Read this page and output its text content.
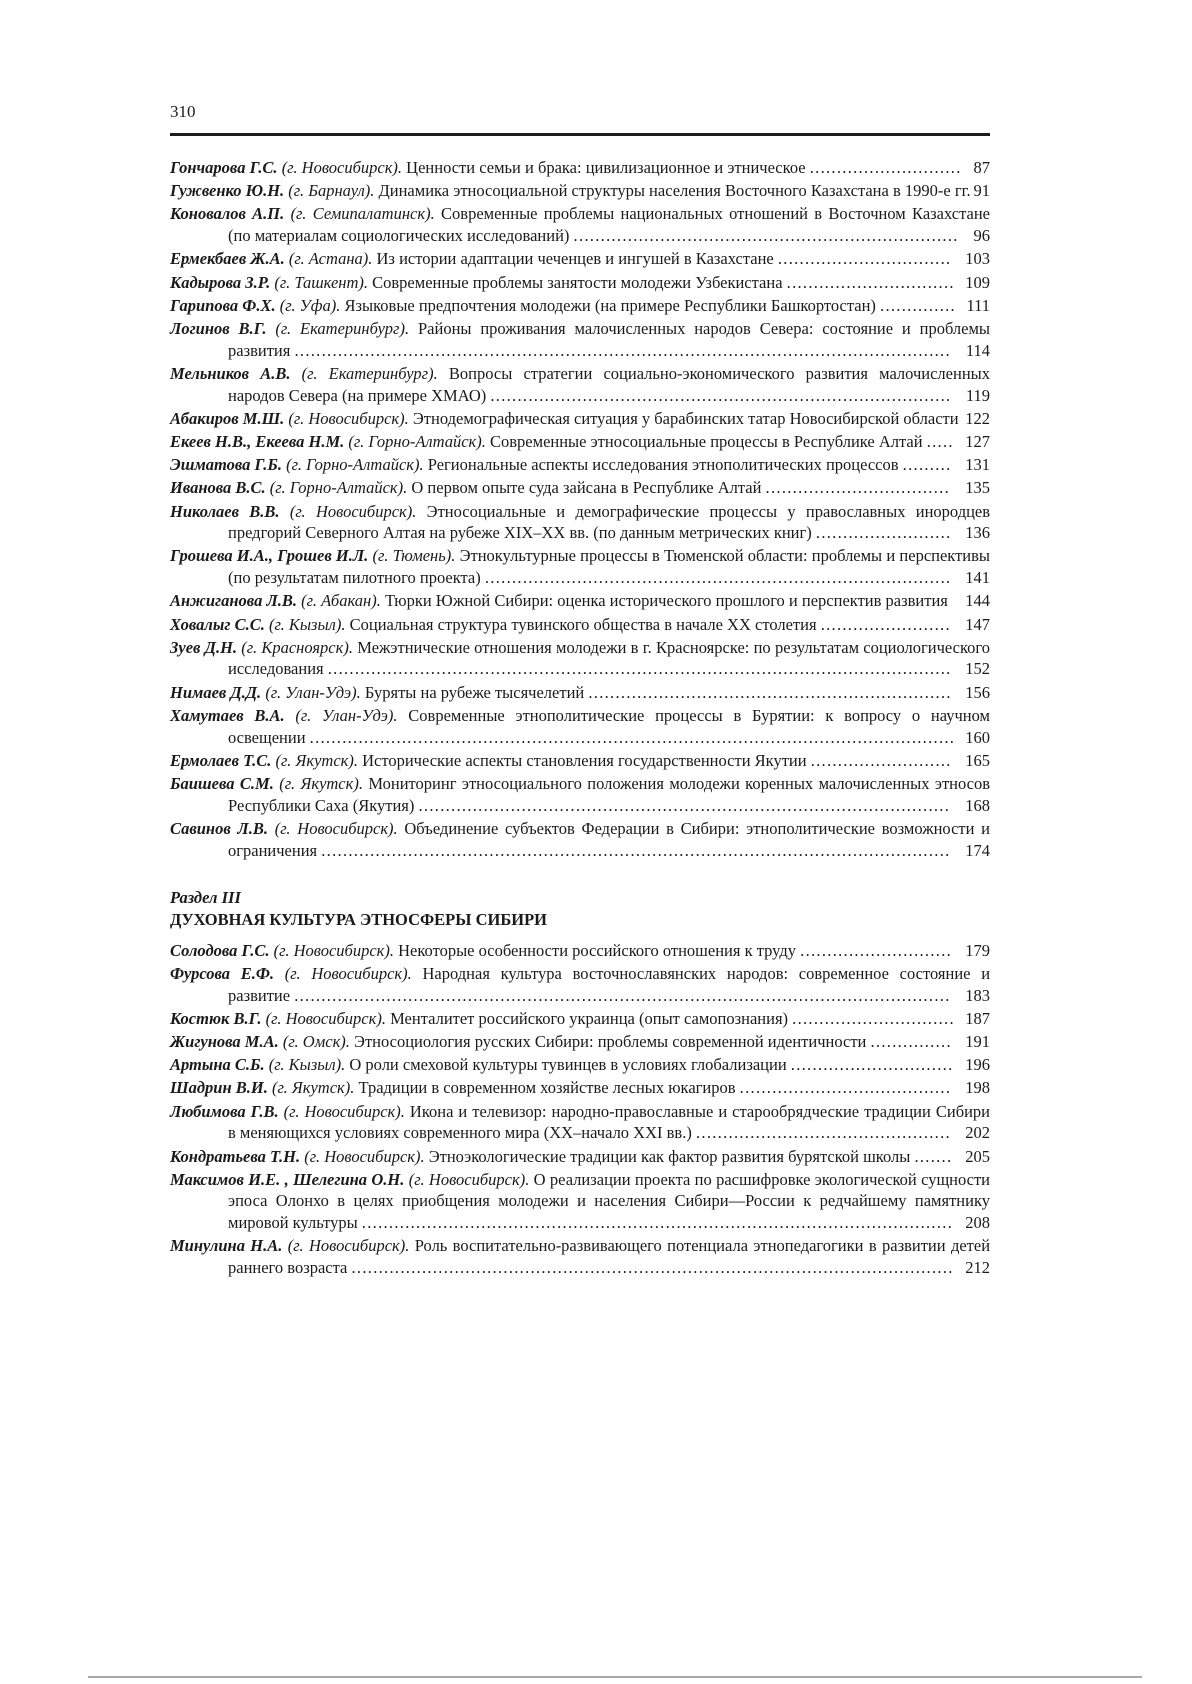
310

Гончарова Г.С. (г. Новосибирск). Ценности семьи и брака: цивилизационное и этническое ............................ 87

Гужвенко Ю.Н. (г. Барнаул). Динамика этносоциальной структуры населения Восточного Казахстана в 1990-е гг. 91

Коновалов А.П. (г. Семипалатинск). Современные проблемы национальных отношений в Восточном Казахстане (по материалам социологических исследований) ....................................................................... 96

Ермекбаев Ж.А. (г. Астана). Из истории адаптации чеченцев и ингушей в Казахстане ................................ 103

Кадырова З.Р. (г. Ташкент). Современные проблемы занятости молодежи Узбекистана ............................... 109

Гарипова Ф.Х. (г. Уфа). Языковые предпочтения молодежи (на примере Республики Башкортостан) .............. 111

Логинов В.Г. (г. Екатеринбург). Районы проживания малочисленных народов Севера: состояние и проблемы развития ......................................................................................................................... 114

Мельников А.В. (г. Екатеринбург). Вопросы стратегии социально-экономического развития малочисленных народов Севера (на примере ХМАО) ..................................................................................... 119

Абакиров М.Ш. (г. Новосибирск). Этнодемографическая ситуация у барабинских татар Новосибирской области 122

Екеев Н.В., Екеева Н.М. (г. Горно-Алтайск). Современные этносоциальные процессы в Республике Алтай ..... 127

Эшматова Г.Б. (г. Горно-Алтайск). Региональные аспекты исследования этнополитических процессов ......... 131

Иванова В.С. (г. Горно-Алтайск). О первом опыте суда зайсана в Республике Алтай .................................. 135

Николаев В.В. (г. Новосибирск). Этносоциальные и демографические процессы у православных инородцев предгорий Северного Алтая на рубеже XIX–XX вв. (по данным метрических книг) ......................... 136

Грошева И.А., Грошев И.Л. (г. Тюмень). Этнокультурные процессы в Тюменской области: проблемы и перспективы (по результатам пилотного проекта) ...................................................................................... 141

Анжиганова Л.В. (г. Абакан). Тюрки Южной Сибири: оценка исторического прошлого и перспектив развития 144

Ховалыг С.С. (г. Кызыл). Социальная структура тувинского общества в начале XX столетия ........................ 147

Зуев Д.Н. (г. Красноярск). Межэтнические отношения молодежи в г. Красноярске: по результатам социологического исследования ................................................................................................................... 152

Нимаев Д.Д. (г. Улан-Удэ). Буряты на рубеже тысячелетий ................................................................... 156

Хамутаев В.А. (г. Улан-Удэ). Современные этнополитические процессы в Бурятии: к вопросу о научном освещении ....................................................................................................................... 160

Ермолаев Т.С. (г. Якутск). Исторические аспекты становления государственности Якутии .......................... 165

Баишева С.М. (г. Якутск). Мониторинг этносоциального положения молодежи коренных малочисленных этносов Республики Саха (Якутия) .................................................................................................. 168

Савинов Л.В. (г. Новосибирск). Объединение субъектов Федерации в Сибири: этнополитические возможности и ограничения .................................................................................................................... 174

Раздел III
ДУХОВНАЯ КУЛЬТУРА ЭТНОСФЕРЫ СИБИРИ

Солодова Г.С. (г. Новосибирск). Некоторые особенности российского отношения к труду ............................ 179

Фурсова Е.Ф. (г. Новосибирск). Народная культура восточнославянских народов: современное состояние и развитие ......................................................................................................................... 183

Костюк В.Г. (г. Новосибирск). Менталитет российского украинца (опыт самопознания) .............................. 187

Жигунова М.А. (г. Омск). Этносоциология русских Сибири: проблемы современной идентичности ............... 191

Артына С.Б. (г. Кызыл). О роли смеховой культуры тувинцев в условиях глобализации .............................. 196

Шадрин В.И. (г. Якутск). Традиции в современном хозяйстве лесных юкагиров ....................................... 198

Любимова Г.В. (г. Новосибирск). Икона и телевизор: народно-православные и старообрядческие традиции Сибири в меняющихся условиях современного мира (XX–начало XXI вв.) ............................................... 202

Кондратьева Т.Н. (г. Новосибирск). Этноэкологические традиции как фактор развития бурятской школы ....... 205

Максимов И.Е. , Шелегина О.Н. (г. Новосибирск). О реализации проекта по расшифровке экологической сущности эпоса Олонхо в целях приобщения молодежи и населения Сибири—России к редчайшему памятнику мировой культуры ............................................................................................................. 208

Минулина Н.А. (г. Новосибирск). Роль воспитательно-развивающего потенциала этнопедагогики в развитии детей раннего возраста ............................................................................................................... 212
